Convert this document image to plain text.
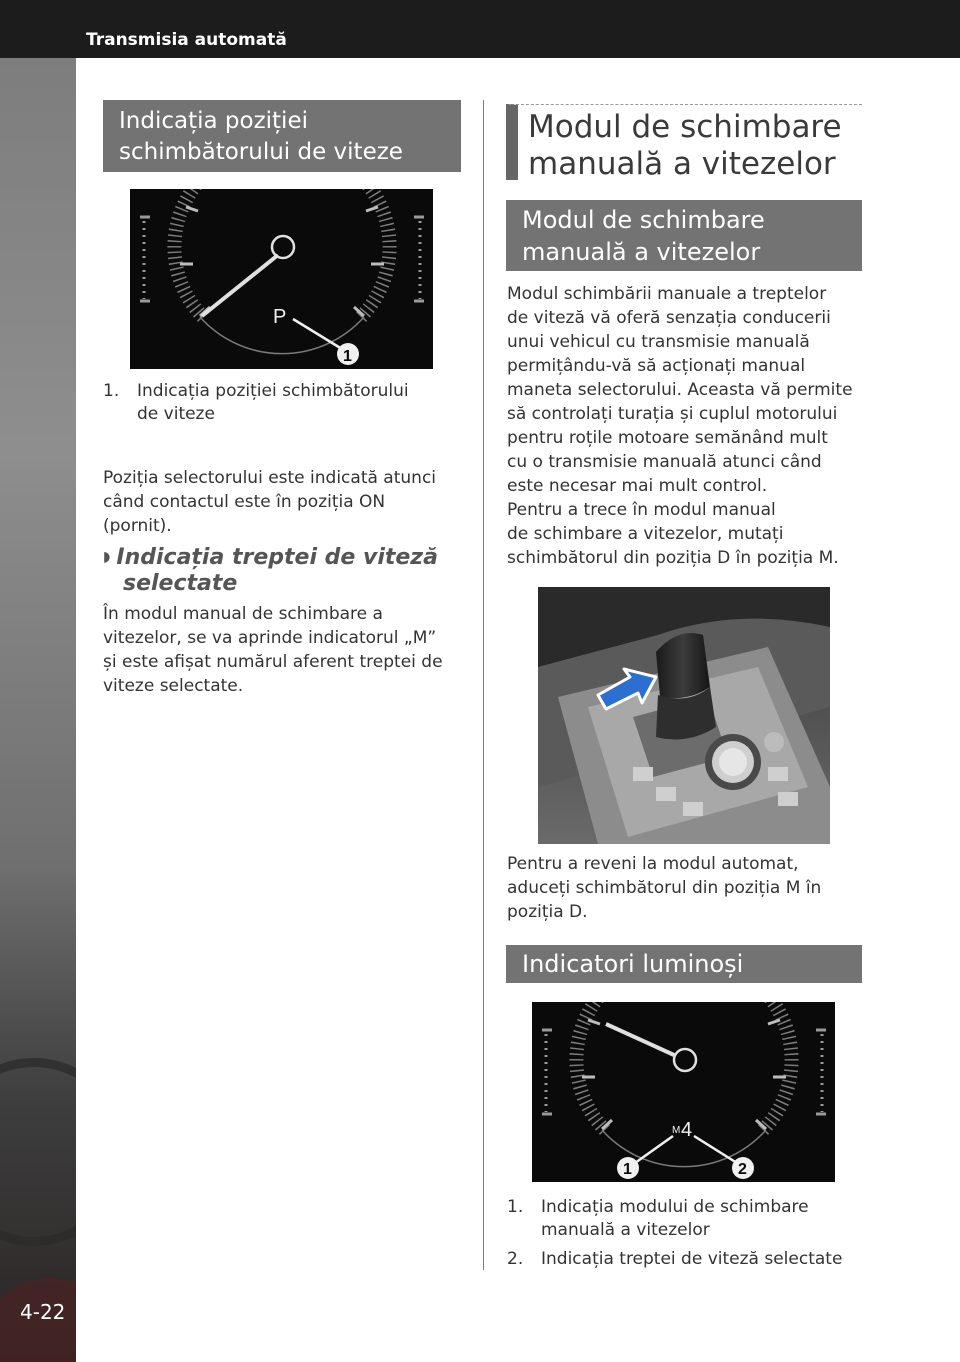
Transmisia automată
4-22
Indicația poziției
schimbătorului de viteze
P
1
1. Indicația poziției schimbătorului
de viteze
Poziția selectorului este indicată atunci
când contactul este în poziția ON
(pornit).
◗ Indicația treptei de viteză
selectate
În modul manual de schimbare a
vitezelor, se va aprinde indicatorul „M”
și este afișat numărul aferent treptei de
viteze selectate.
Modul de schimbare
manuală a vitezelor
Modul de schimbare
manuală a vitezelor
Modul schimbării manuale a treptelor
de viteză vă oferă senzația conducerii
unui vehicul cu transmisie manuală
permițându-vă să acționați manual
maneta selectorului. Aceasta vă permite
să controlați turația și cuplul motorului
pentru roțile motoare semănând mult
cu o transmisie manuală atunci când
este necesar mai mult control.
Pentru a trece în modul manual
de schimbare a vitezelor, mutați
schimbătorul din poziția D în poziția M.
Pentru a reveni la modul automat,
aduceți schimbătorul din poziția M în
poziția D.
Indicatori luminoși
M 4
1	2
1. Indicația modului de schimbare
manuală a vitezelor
2. Indicația treptei de viteză selectate
